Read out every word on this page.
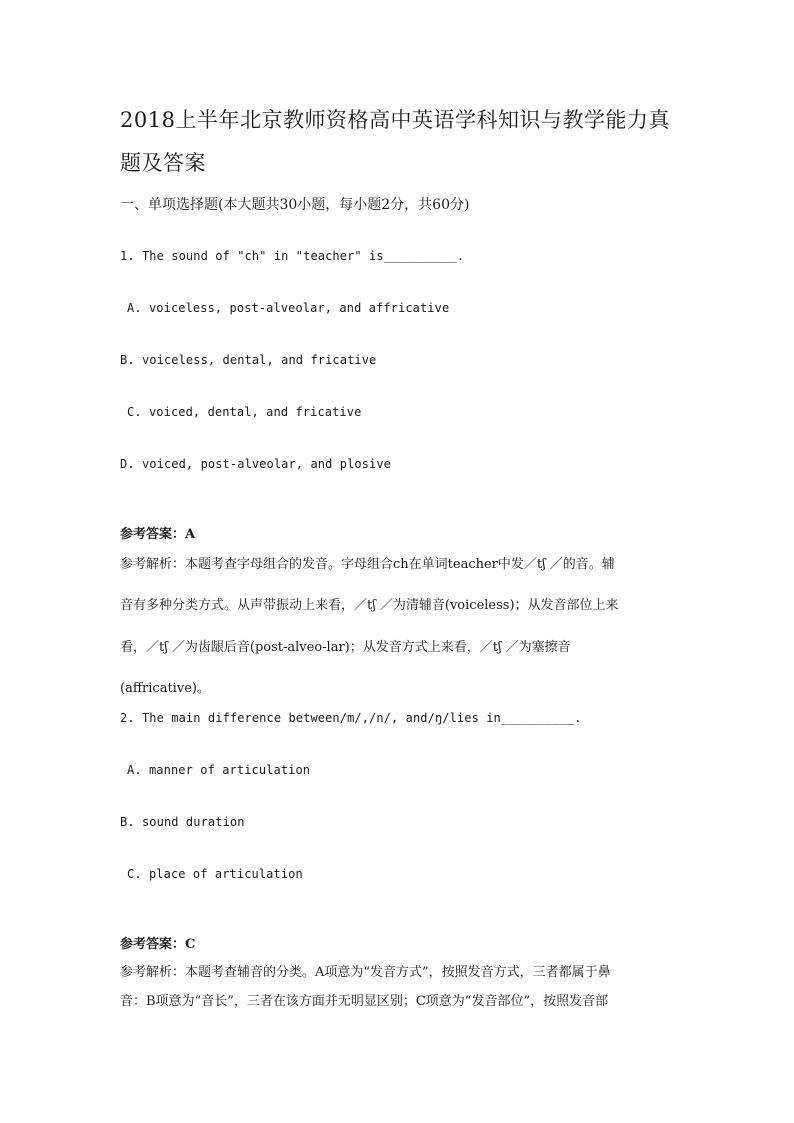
2018上半年北京教师资格高中英语学科知识与教学能力真
题及答案
一、单项选择题(本大题共30小题，每小题2分，共60分)
1. The sound of "ch" in "teacher" is__________.
A. voiceless, post-alveolar, and affricative
B. voiceless, dental, and fricative
C. voiced, dental, and fricative
D. voiced, post-alveolar, and plosive
参考答案：A
参考解析：本题考查字母组合的发音。字母组合ch在单词teacher中发／tʃ ／的音。辅
音有多种分类方式。从声带振动上来看，／tʃ ／为清辅音(voiceless)；从发音部位上来
看，／tʃ ／为齿龈后音(post-alveo-lar)；从发音方式上来看，／tʃ ／为塞擦音
(affricative)。
2. The main difference between/m/,/n/, and/ŋ/lies in__________.
A. manner of articulation
B. sound duration
C. place of articulation
参考答案：C
参考解析：本题考查辅音的分类。A项意为“发音方式”，按照发音方式，三者都属于鼻
音：B项意为“音长”，三者在该方面并无明显区别；C项意为“发音部位”，按照发音部
